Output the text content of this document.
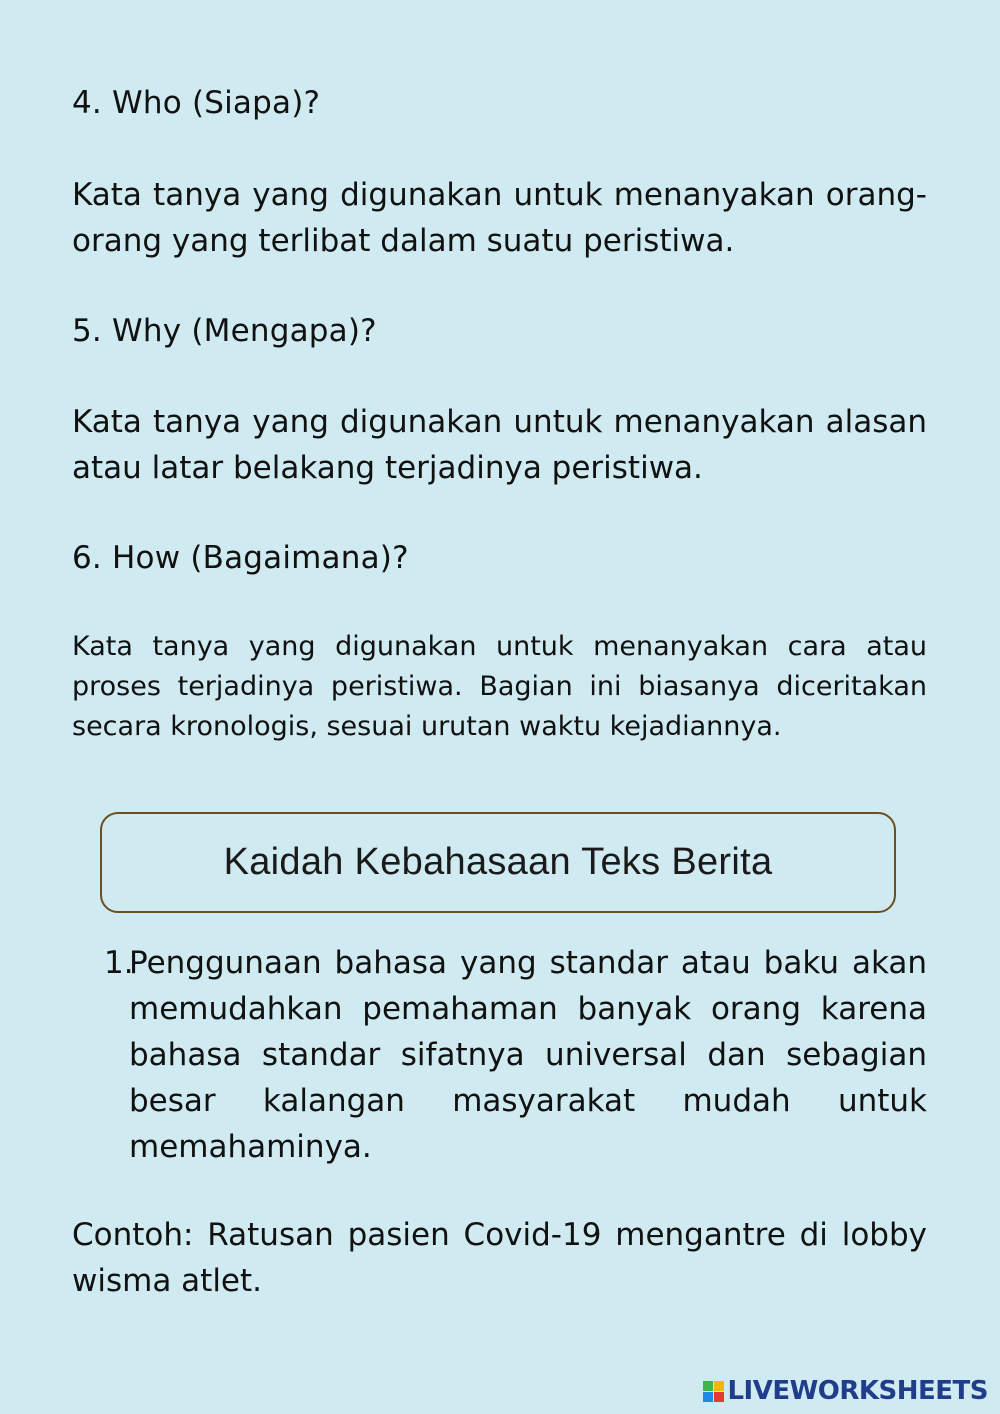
4. Who (Siapa)?

Kata tanya yang digunakan untuk menanyakan orang-orang yang terlibat dalam suatu peristiwa.

5. Why (Mengapa)?

Kata tanya yang digunakan untuk menanyakan alasan atau latar belakang terjadinya peristiwa.

6. How (Bagaimana)?

Kata tanya yang digunakan untuk menanyakan cara atau proses terjadinya peristiwa. Bagian ini biasanya diceritakan secara kronologis, sesuai urutan waktu kejadiannya.

Kaidah Kebahasaan Teks Berita
1.
Penggunaan bahasa yang standar atau baku akan memudahkan pemahaman banyak orang karena bahasa standar sifatnya universal dan sebagian besar kalangan masyarakat mudah untuk memahaminya.

Contoh: Ratusan pasien Covid-19 mengantre di lobby wisma atlet.

LIVEWORKSHEETS
